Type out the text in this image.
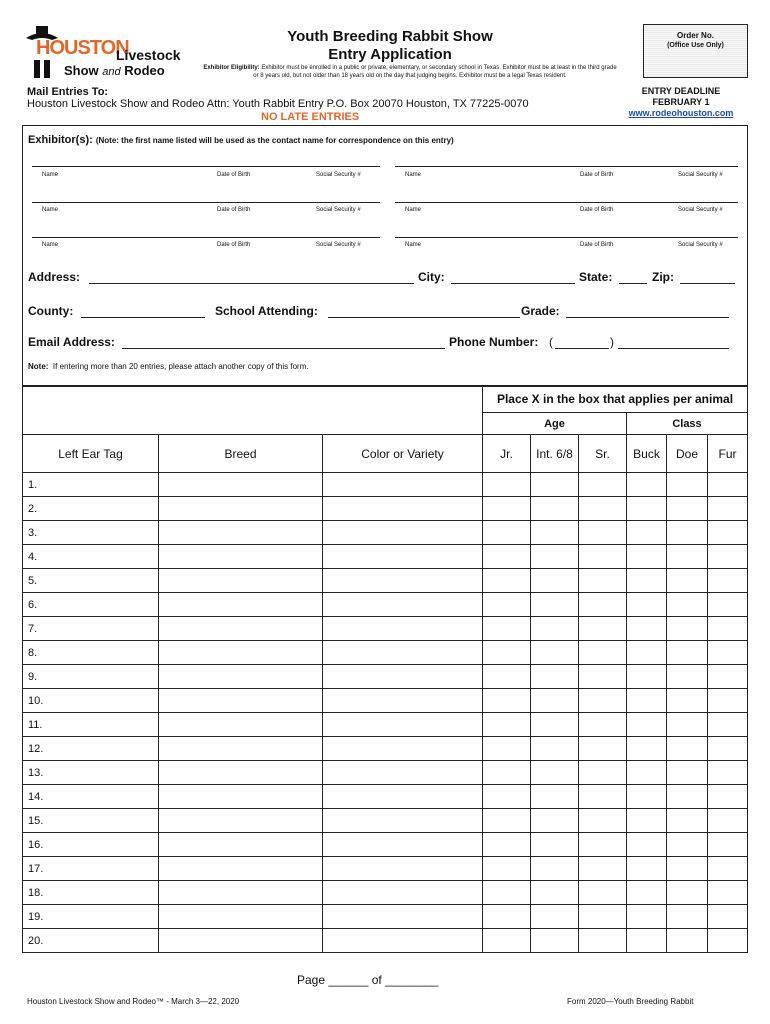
HOUSTON
Livestock
Show and Rodeo
Youth Breeding Rabbit Show
Entry Application
Exhibitor Eligibility: Exhibitor must be enrolled in a public or private, elementary, or secondary school in Texas. Exhibitor must be at least in the third grade or 8 years old, but not older than 18 years old on the day that judging begins. Exhibitor must be a legal Texas resident.
Order No.
(Office Use Only)
Mail Entries To:
Houston Livestock Show and Rodeo Attn: Youth Rabbit Entry P.O. Box 20070 Houston, TX 77225-0070
NO LATE ENTRIES
ENTRY DEADLINE
FEBRUARY 1
www.rodeohouston.com
Exhibitor(s): (Note: the first name listed will be used as the contact name for correspondence on this entry)
Name	Date of Birth	Social Security #	Name	Date of Birth	Social Security #
Name	Date of Birth	Social Security #	Name	Date of Birth	Social Security #
Name	Date of Birth	Social Security #	Name	Date of Birth	Social Security #
Address:	City:	State:	Zip:
County:	School Attending:	Grade:
Email Address:	Phone Number: (	)
Note: If entering more than 20 entries, please attach another copy of this form.
			Place X in the box that applies per animal					
			Age			Class		
Left Ear Tag	Breed	Color or Variety	Jr.	Int. 6/8	Sr.	Buck	Doe	Fur
1.								
2.								
3.								
4.								
5.								
6.								
7.								
8.								
9.								
10.								
11.								
12.								
13.								
14.								
15.								
16.								
17.								
18.								
19.								
20.								
Page ______ of ________
Houston Livestock Show and Rodeo™ - March 3—22, 2020	Form 2020—Youth Breeding Rabbit
